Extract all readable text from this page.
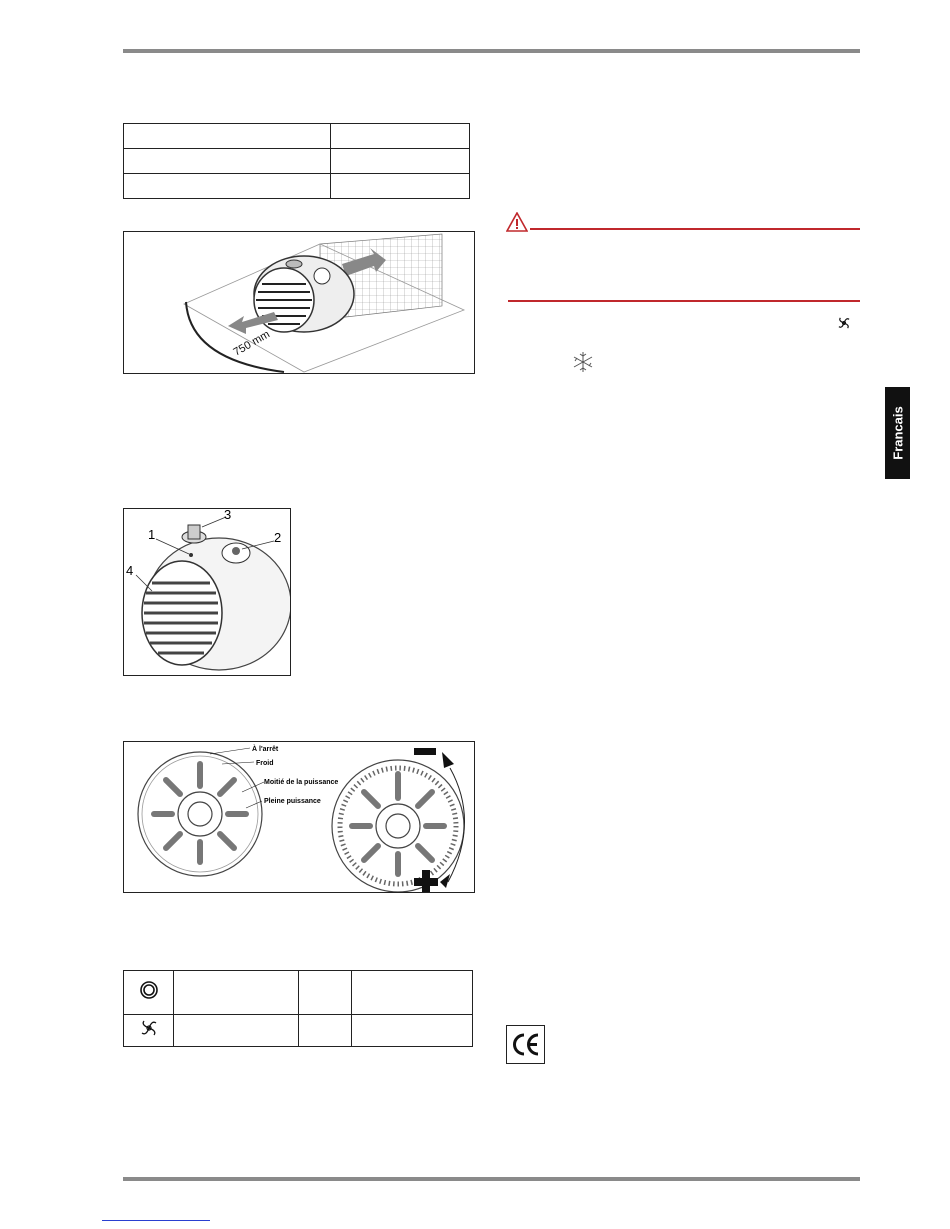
750 mm
1	2
3
4
À l'arrêt
Froid
Moitié de la puissance
Pleine puissance

Francais
